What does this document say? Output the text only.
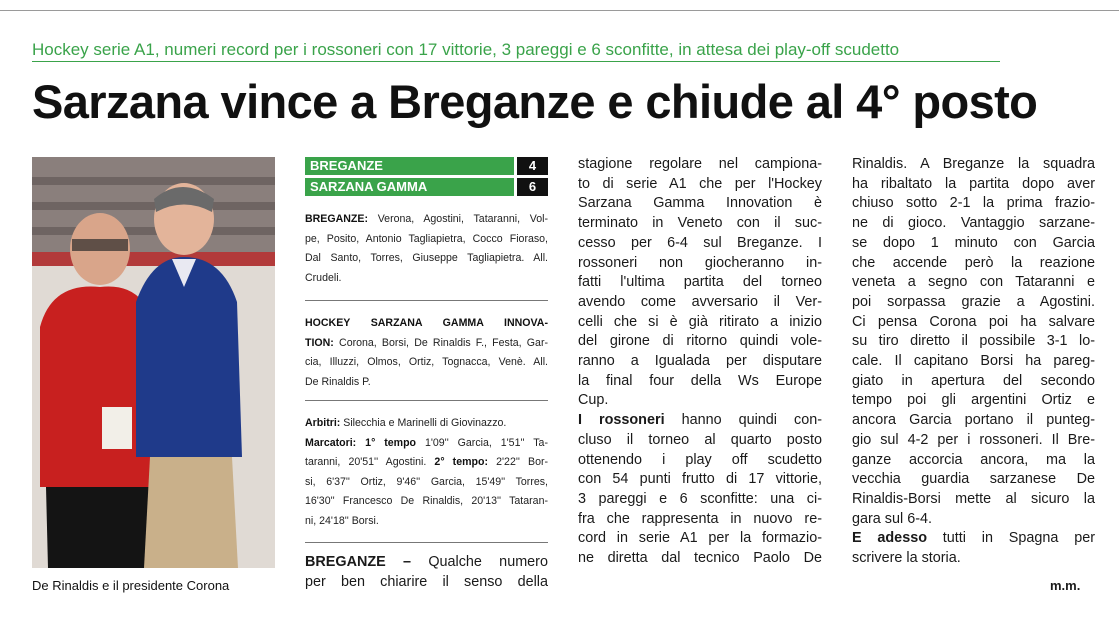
Hockey serie A1, numeri record per i rossoneri con 17 vittorie, 3 pareggi e 6 sconfitte, in attesa dei play-off scudetto
Sarzana vince a Breganze e chiude al 4° posto
De Rinaldis e il presidente Corona
BREGANZE	4
SARZANA GAMMA	6
BREGANZE: Verona, Agostini, Tataranni, Vol-
pe, Posito, Antonio Tagliapietra, Cocco Fioraso,
Dal Santo, Torres, Giuseppe Tagliapietra. All.
Crudeli.
HOCKEY SARZANA GAMMA INNOVA-
TION: Corona, Borsi, De Rinaldis F., Festa, Gar-
cia, Illuzzi, Olmos, Ortiz, Tognacca, Venè. All.
De Rinaldis P.
Arbitri: Silecchia e Marinelli di Giovinazzo.
Marcatori: 1° tempo 1'09'' Garcia, 1'51'' Ta-
taranni, 20'51'' Agostini. 2° tempo: 2'22'' Bor-
si, 6'37'' Ortiz, 9'46'' Garcia, 15'49'' Torres,
16'30'' Francesco De Rinaldis, 20'13'' Tataran-
ni, 24'18'' Borsi.
BREGANZE – Qualche numero
per ben chiarire il senso della
stagione regolare nel campiona-
to di serie A1 che per l'Hockey
Sarzana Gamma Innovation è
terminato in Veneto con il suc-
cesso per 6-4 sul Breganze. I
rossoneri non giocheranno in-
fatti l'ultima partita del torneo
avendo come avversario il Ver-
celli che si è già ritirato a inizio
del girone di ritorno quindi vole-
ranno a Igualada per disputare
la final four della Ws Europe
Cup.
I rossoneri hanno quindi con-
cluso il torneo al quarto posto
ottenendo i play off scudetto
con 54 punti frutto di 17 vittorie,
3 pareggi e 6 sconfitte: una ci-
fra che rappresenta in nuovo re-
cord in serie A1 per la formazio-
ne diretta dal tecnico Paolo De
Rinaldis. A Breganze la squadra
ha ribaltato la partita dopo aver
chiuso sotto 2-1 la prima frazio-
ne di gioco. Vantaggio sarzane-
se dopo 1 minuto con Garcia
che accende però la reazione
veneta a segno con Tataranni e
poi sorpassa grazie a Agostini.
Ci pensa Corona poi ha salvare
su tiro diretto il possibile 3-1 lo-
cale. Il capitano Borsi ha pareg-
giato in apertura del secondo
tempo poi gli argentini Ortiz e
ancora Garcia portano il punteg-
gio sul 4-2 per i rossoneri. Il Bre-
ganze accorcia ancora, ma la
vecchia guardia sarzanese De
Rinaldis-Borsi mette al sicuro la
gara sul 6-4.
E adesso tutti in Spagna per
scrivere la storia.
m.m.
